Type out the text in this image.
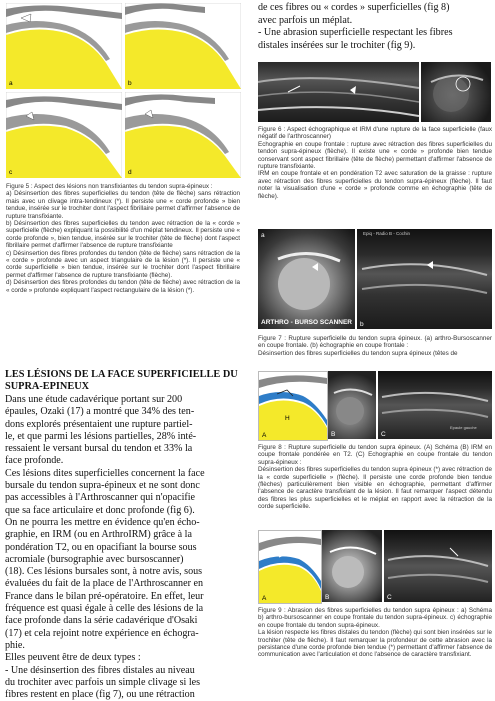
de ces fibres ou « cordes » superficielles (fig 8)

avec parfois un méplat.

- Une abrasion superficielle respectant les fibres

distales insérées sur le trochiter (fig 9).

a	b
c	d

Figure 5 : Aspect des lésions non transfixiantes du tendon supra-épineux :

a) Désinsertion des fibres superficielles du tendon (tête de flèche) sans rétraction mais avec un clivage intra-tendineux (*). Il persiste une « corde profonde » bien tendue, insérée sur le trochiter dont l'aspect fibrillaire permet d'affirmer l'absence de rupture transfixiante.

b) Désinsertion des fibres superficielles du tendon avec rétraction de la « corde » superficielle (flèche) expliquant la possibilité d'un méplat tendineux. Il persiste une « corde profonde », bien tendue, insérée sur le trochiter (tête de flèche) dont l'aspect fibrillaire permet d'affirmer l'absence de rupture transfixiante

c) Désinsertion des fibres profondes du tendon (tête de flèche) sans rétraction de la « corde » profonde avec un aspect triangulaire de la lésion (*). Il persiste une « corde superficielle » bien tendue, insérée sur le trochiter dont l'aspect fibrillaire permet d'affirmer l'absence de rupture transfixiante (flèche).

d) Désinsertion des fibres profondes du tendon (tête de flèche) avec rétraction de la « corde » profonde expliquant l'aspect rectangulaire de la lésion (*).

Figure 6 : Aspect échographique et IRM d'une rupture de la face superficielle (faux négatif de l'arthroscanner)

Echographie en coupe frontale : rupture avec rétraction des fibres superficielles du tendon supra-épineux (flèche). Il existe une « corde » profonde bien tendue conservant sont aspect fibrillaire (tête de flèche) permettant d'affirmer l'absence de rupture transfixiante.

IRM en coupe frontale et en pondération T2 avec saturation de la graisse : rupture avec rétraction des fibres superficielles du tendon supra-épineux (flèche). Il faut noter la visualisation d'une « corde » profonde comme en échographie (tête de flèche).

a
ARTHRO - BURSO SCANNER b
Epiq - Radio B - Cochin

Figure 7 : Rupture superficielle du tendon supra épineux. (a) arthro-Bursoscanner en coupe frontale. (b) échographie en coupe frontale :

Désinsertion des fibres superficielles du tendon supra épineux (têtes de

LES LÉSIONS DE LA FACE SUPERFICIELLE DU
SUPRA-EPINEUX

Dans une étude cadavérique portant sur 200

épaules, Ozaki (17) a montré que 34% des ten-

dons explorés présentaient une rupture partiel-

le, et que parmi les lésions partielles, 28% inté-

ressaient le versant bursal du tendon et 33% la

face profonde.

Ces lésions dites superficielles concernent la face

bursale du tendon supra-épineux et ne sont donc

pas accessibles à l'Arthroscanner qui n'opacifie

que sa face articulaire et donc profonde (fig 6).

On ne pourra les mettre en évidence qu'en écho-

graphie, en IRM (ou en ArthroIRM) grâce à la

pondération T2, ou en opacifiant la bourse sous

acromiale (bursographie avec bursoscanner)

(18). Ces lésions bursales sont, à notre avis, sous

évaluées du fait de la place de l'Arthroscanner en

France dans le bilan pré-opératoire. En effet, leur

fréquence est quasi égale à celle des lésions de la

face profonde dans la série cadavérique d'Osaki

(17) et cela rejoint notre expérience en échogra-

phie.

Elles peuvent être de deux types :

- Une désinsertion des fibres distales au niveau

du trochiter avec parfois un simple clivage si les

fibres restent en place (fig 7), ou une rétraction

H
A	B	C
Epaule gauche

Figure 8 : Rupture superficielle du tendon supra épineux. (A) Schéma (B) IRM en coupe frontale pondérée en T2. (C) Echographie en coupe frontale du tendon supra-épineux :

Désinsertion des fibres superficielles du tendon supra épineux (*) avec rétraction de la « corde superficielle » (flèche). Il persiste une corde profonde bien tendue (flèches) particulièrement bien visible en échographie, permettant d'affirmer l'absence de caractère transfixiant de la lésion. Il faut remarquer l'aspect détendu des fibres les plus superficielles et le méplat en rapport avec la rétraction de la corde superficielle.

A	B	C

Figure 9 : Abrasion des fibres superficielles du tendon supra épineux : a) Schéma b) arthro-bursoscanner en coupe frontale du tendon supra-épineux. c) échographie en coupe frontale du tendon supra-épineux.

La lésion respecte les fibres distales du tendon (flèche) qui sont bien insérées sur le trochiter (tête de flèche). Il faut remarquer la profondeur de cette abrasion avec la persistance d'une corde profonde bien tendue (*) permettant d'affirmer l'absence de communication avec l'articulation et donc l'absence de caractère transfixiant.
